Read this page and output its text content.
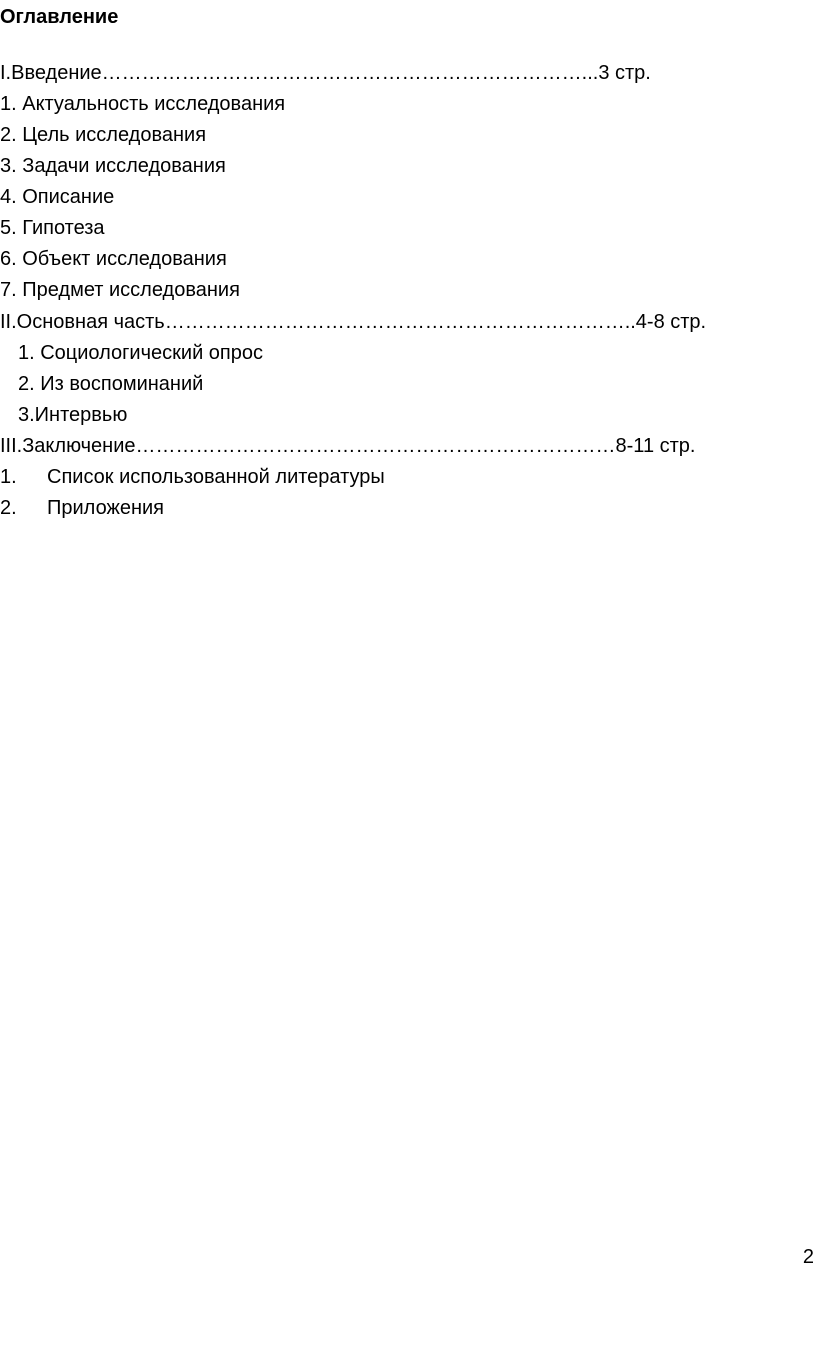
Оглавление
I.Введение………………………………………………………………...3 стр.
1. Актуальность исследования
2. Цель исследования
3. Задачи исследования
4. Описание
5. Гипотеза
6. Объект исследования
7. Предмет исследования
II.Основная часть……………………………………………………………..4-8 стр.
1. Социологический опрос
2. Из воспоминаний
3.Интервью
III.Заключение………………………………………………………………8-11 стр.
1. Список использованной литературы
2. Приложения
2
